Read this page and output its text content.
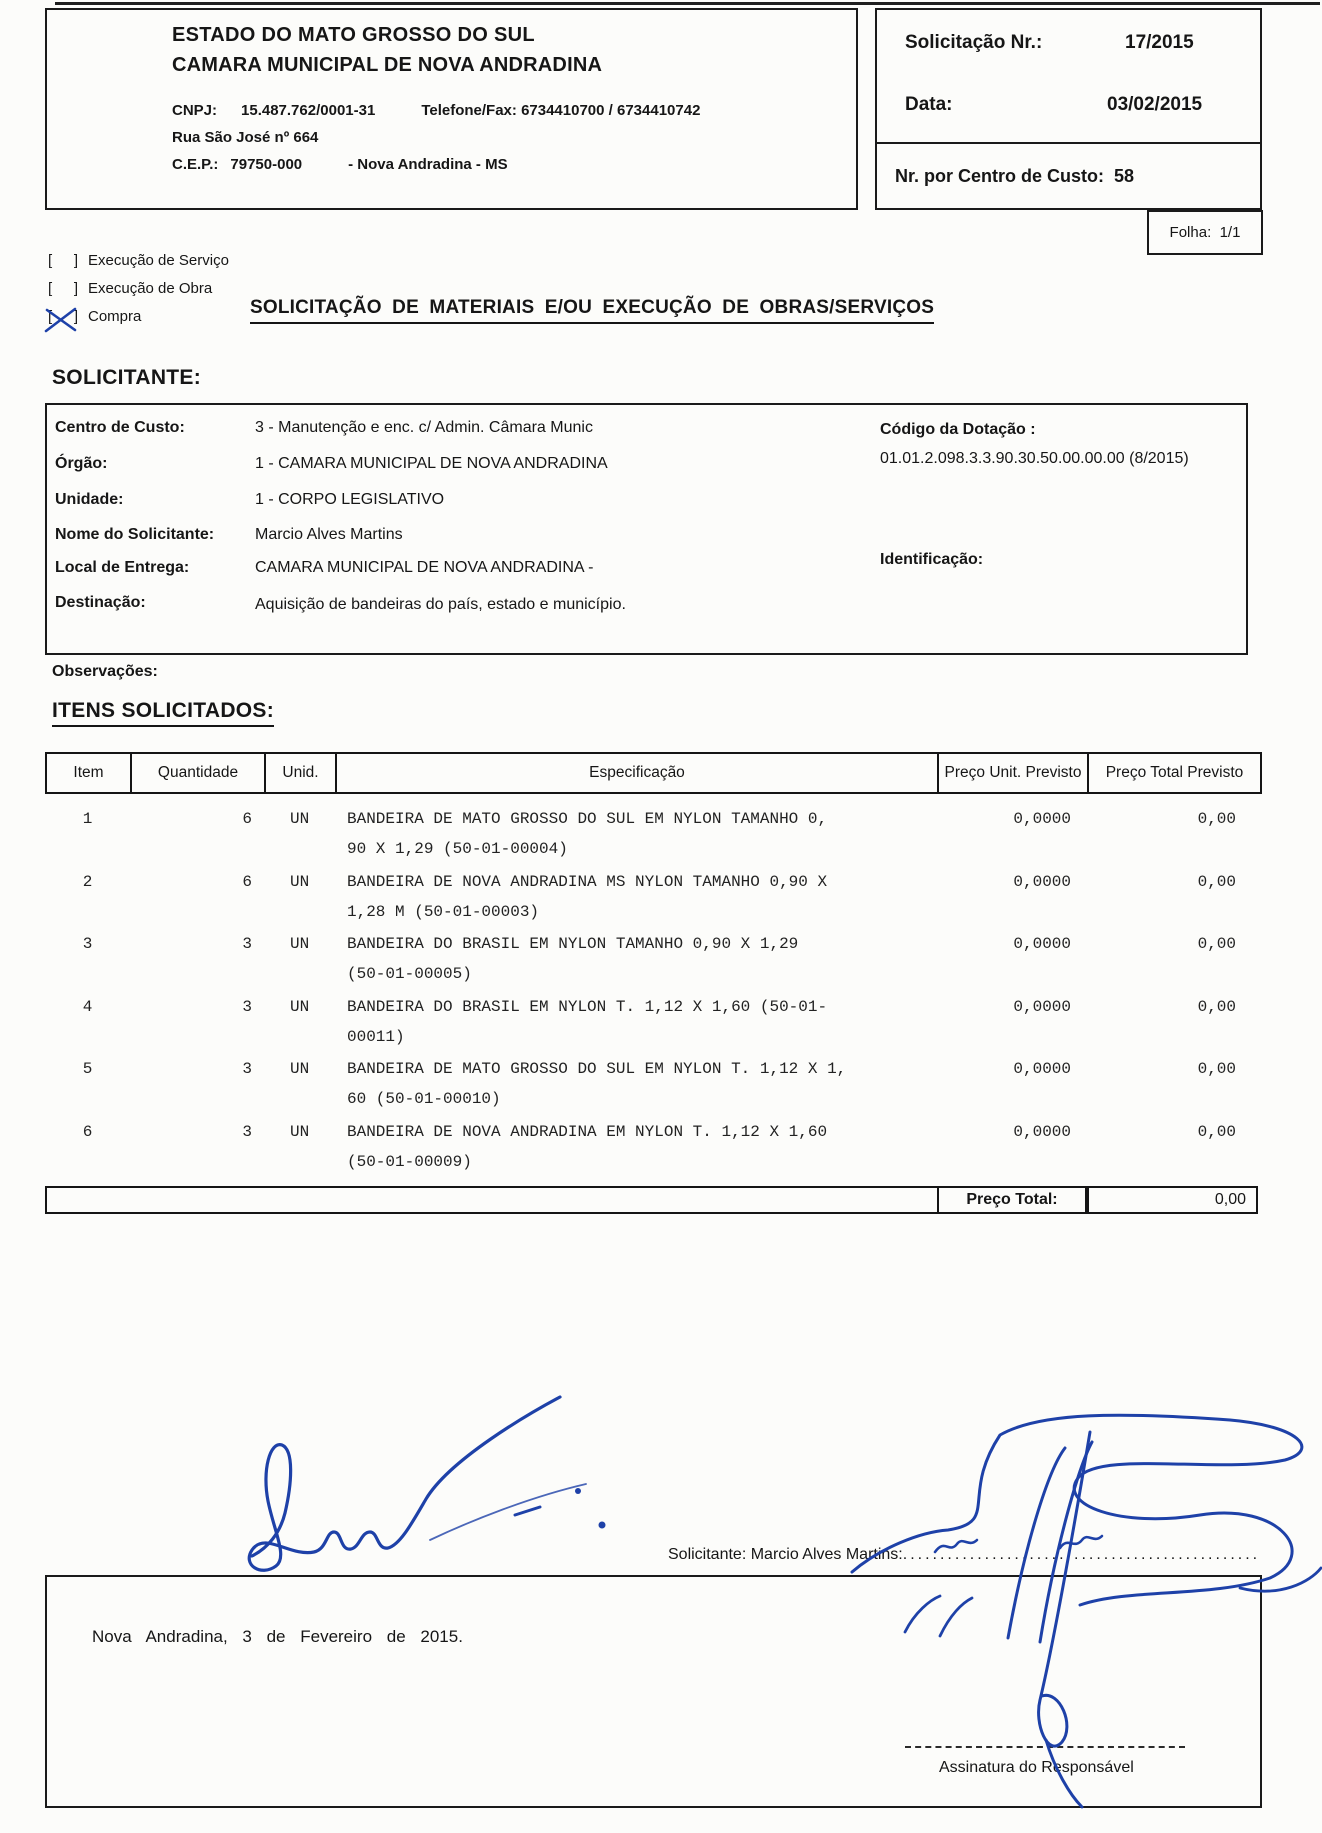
ESTADO DO MATO GROSSO DO SUL
CAMARA MUNICIPAL DE NOVA ANDRADINA
CNPJ: 15.487.762/0001-31	Telefone/Fax: 6734410700 / 6734410742
Rua São José nº 664
C.E.P.: 79750-000	- Nova Andradina - MS
Solicitação Nr.:	17/2015
Data:	03/02/2015
Nr. por Centro de Custo: 58
Folha: 1/1
[ ] Execução de Serviço
[ ] Execução de Obra
[ ] Compra	SOLICITAÇÃO DE MATERIAIS E/OU EXECUÇÃO DE OBRAS/SERVIÇOS
SOLICITANTE:
Centro de Custo:	3 - Manutenção e enc. c/ Admin. Câmara Munic
Órgão:	1 - CAMARA MUNICIPAL DE NOVA ANDRADINA
Unidade:	1 - CORPO LEGISLATIVO
Nome do Solicitante:	Marcio Alves Martins
Local de Entrega:	CAMARA MUNICIPAL DE NOVA ANDRADINA -
Destinação:	Aquisição de bandeiras do país, estado e município.
Código da Dotação :
01.01.2.098.3.3.90.30.50.00.00.00 (8/2015)
Identificação:
Observações:
ITENS SOLICITADOS:
Item	Quantidade	Unid.	Especificação	Preço Unit. Previsto	Preço Total Previsto
1	6	UN	BANDEIRA DE MATO GROSSO DO SUL EM NYLON TAMANHO 0,
90 X 1,29 (50-01-00004)
0,0000	0,00
2	6	UN	BANDEIRA DE NOVA ANDRADINA MS NYLON TAMANHO 0,90 X
1,28 M (50-01-00003)
0,0000	0,00
3	3	UN	BANDEIRA DO BRASIL EM NYLON TAMANHO 0,90 X 1,29
(50-01-00005)
0,0000	0,00
4	3	UN	BANDEIRA DO BRASIL EM NYLON T. 1,12 X 1,60 (50-01-
00011)
0,0000	0,00
5	3	UN	BANDEIRA DE MATO GROSSO DO SUL EM NYLON T. 1,12 X 1,
60 (50-01-00010)
0,0000	0,00
6	3	UN	BANDEIRA DE NOVA ANDRADINA EM NYLON T. 1,12 X 1,60
(50-01-00009)
0,0000	0,00
Preço Total:	0,00
Solicitante: Marcio Alves Martins:................................................
Nova Andradina, 3 de Fevereiro de 2015.
Assinatura do Responsável
